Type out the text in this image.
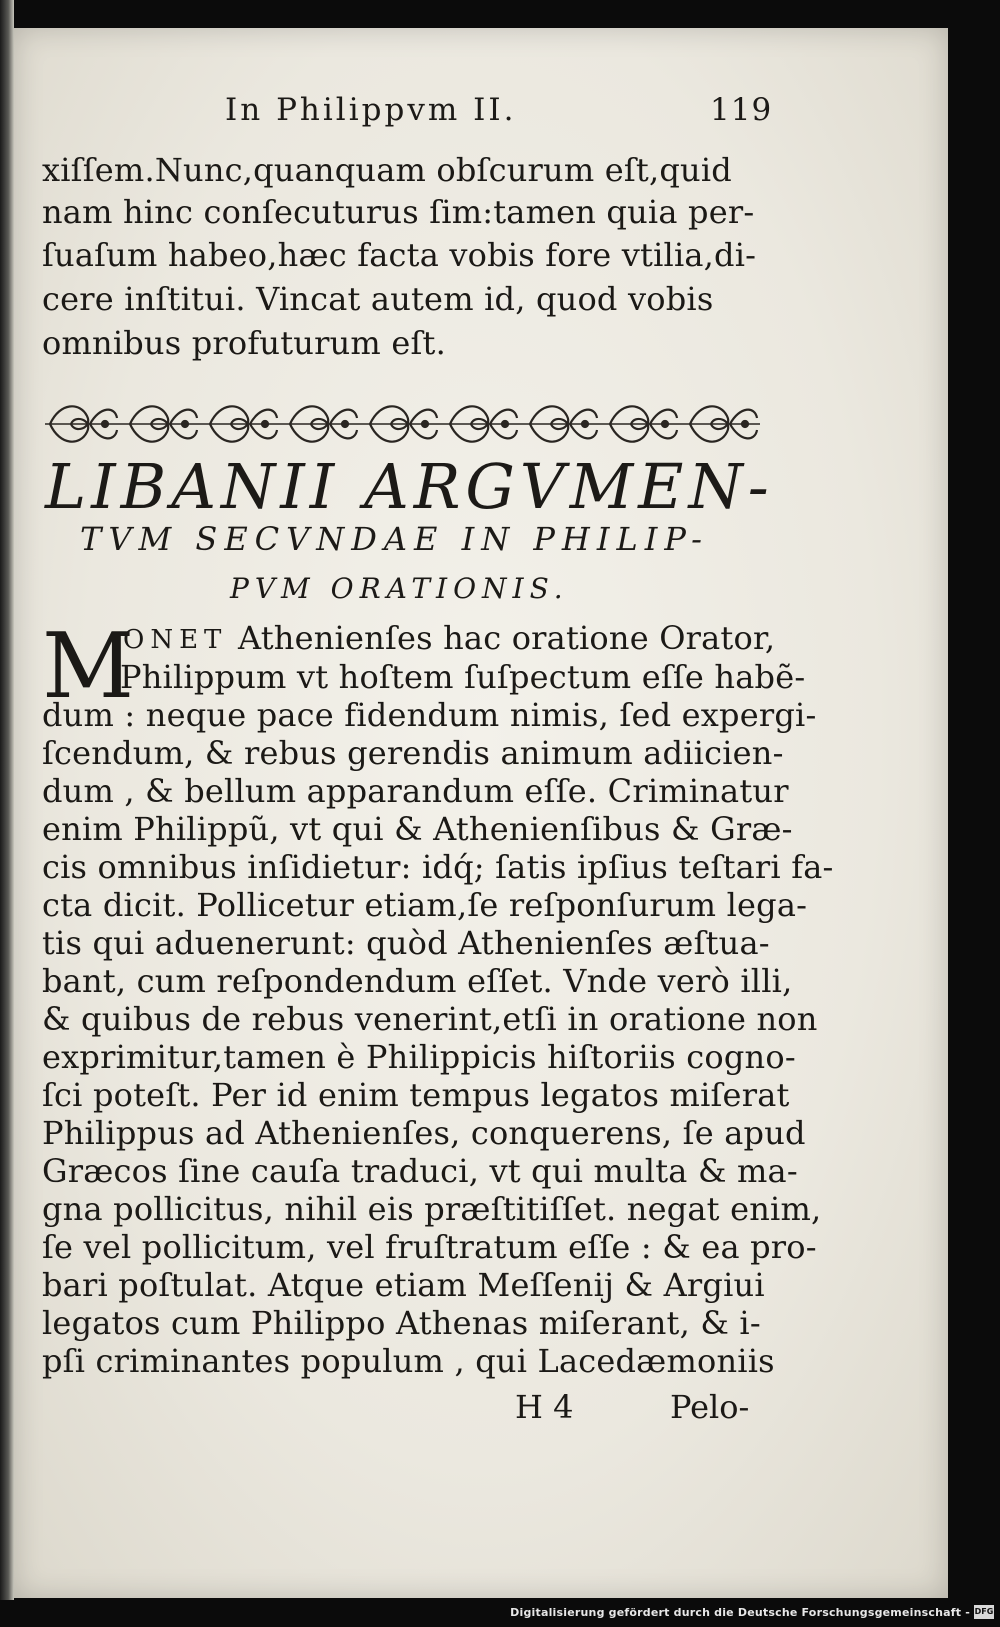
In Philippvm II.	119

xiſſem.Nunc,quanquam obſcurum eſt,quid

nam hinc conſecuturus ſim:tamen quia per-

ſuaſum habeo,hæc facta vobis fore vtilia,di-

cere inſtitui. Vincat autem id, quod vobis

omnibus profuturum eſt.

LIBANII ARGVMEN-

TVM SECVNDAE IN PHILIP-

PVM ORATIONIS.

M

ONET Athenienſes hac oratione Orator,

Philippum vt hoſtem ſuſpectum eſſe habẽ-

dum : neque pace fidendum nimis, ſed expergi-

ſcendum, & rebus gerendis animum adiicien-

dum , & bellum apparandum eſſe. Criminatur

enim Philippũ, vt qui & Athenienſibus & Græ-

cis omnibus inſidietur: idq́; ſatis ipſius teſtari fa-

cta dicit. Pollicetur etiam,ſe reſponſurum lega-

tis qui aduenerunt: quòd Athenienſes æſtua-

bant, cum reſpondendum eſſet. Vnde verò illi,

& quibus de rebus venerint,etſi in oratione non

exprimitur,tamen è Philippicis hiſtoriis cogno-

ſci poteſt. Per id enim tempus legatos miſerat

Philippus ad Athenienſes, conquerens, ſe apud

Græcos ſine cauſa traduci, vt qui multa & ma-

gna pollicitus, nihil eis præſtitiſſet. negat enim,

ſe vel pollicitum, vel fruſtratum eſſe : & ea pro-

bari poſtulat. Atque etiam Meſſenij & Argiui

legatos cum Philippo Athenas miſerant, & i-

pſi criminantes populum , qui Lacedæmoniis

H 4	Pelo-

Digitalisierung gefördert durch die Deutsche Forschungsgemeinschaft - DFG
